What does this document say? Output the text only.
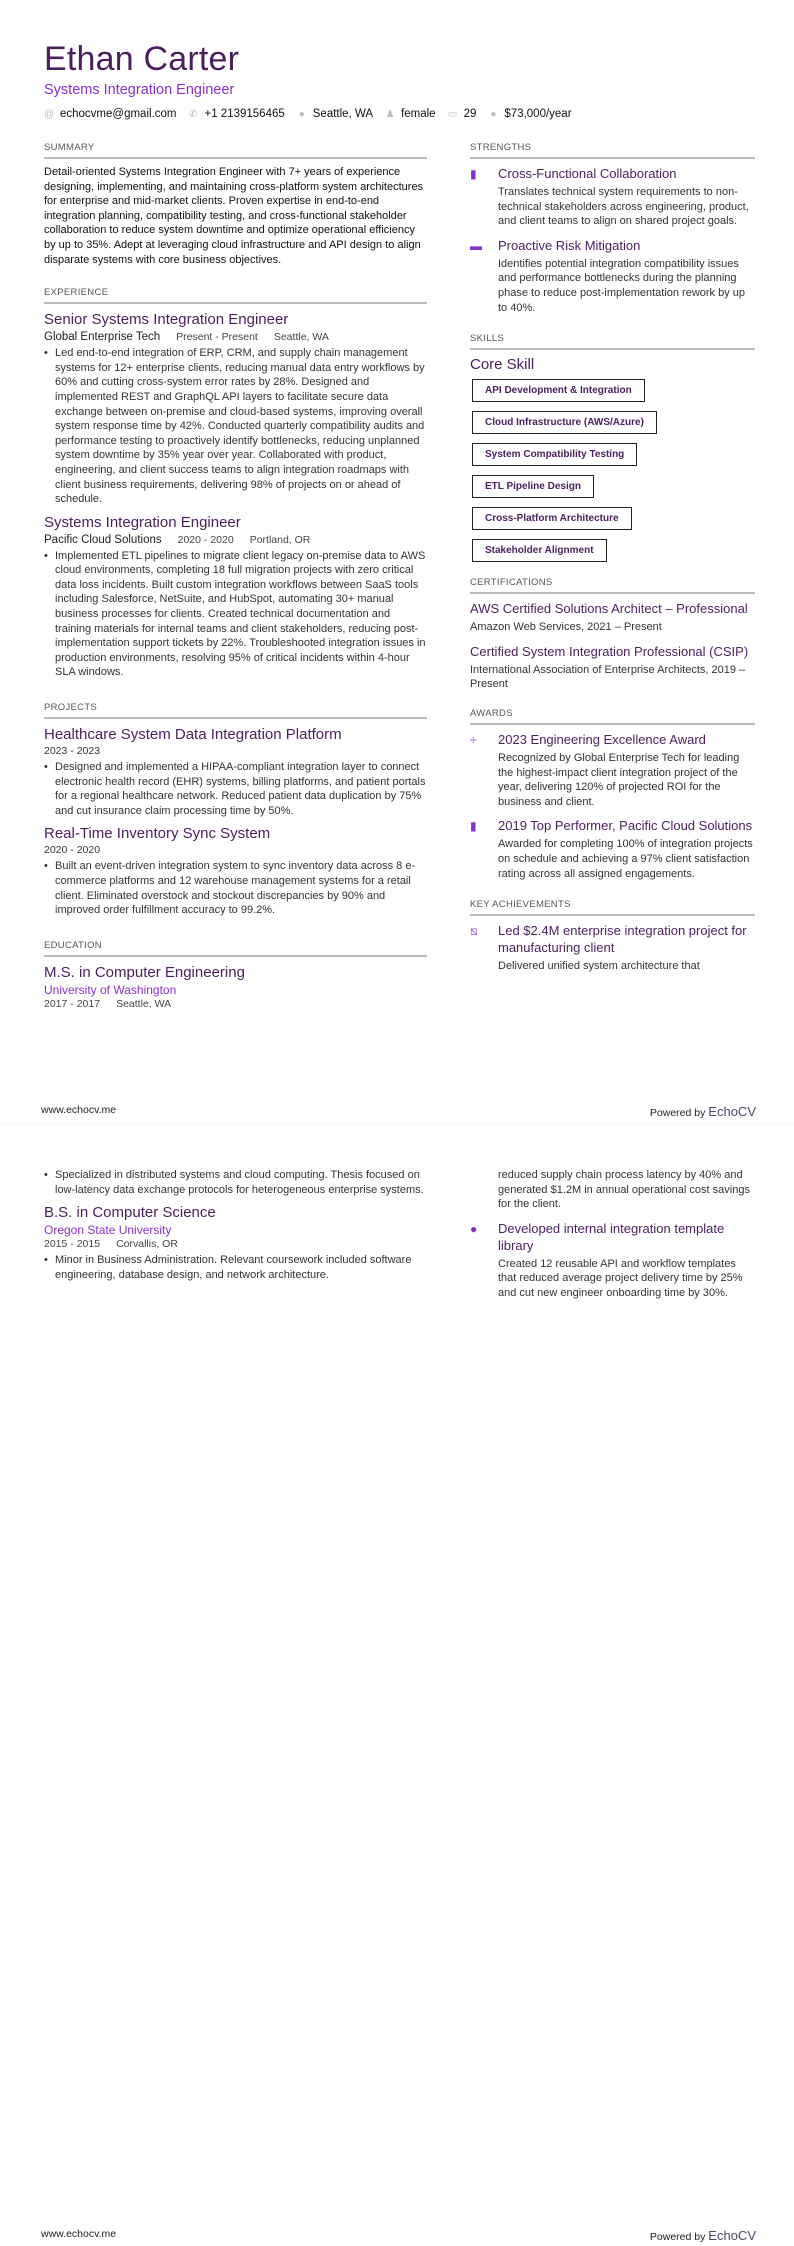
Ethan Carter
Systems Integration Engineer
@ echocvme@gmail.com ✆ +1 2139156465 ● Seattle, WA ♟ female ▭ 29 ● $73,000/year
SUMMARY
Detail-oriented Systems Integration Engineer with 7+ years of experience designing, implementing, and maintaining cross-platform system architectures for enterprise and mid-market clients. Proven expertise in end-to-end integration planning, compatibility testing, and cross-functional stakeholder collaboration to reduce system downtime and optimize operational efficiency by up to 35%. Adept at leveraging cloud infrastructure and API design to align disparate systems with core business objectives.
EXPERIENCE
Senior Systems Integration Engineer
Global Enterprise Tech Present - Present Seattle, WA
• Led end-to-end integration of ERP, CRM, and supply chain management systems for 12+ enterprise clients, reducing manual data entry workflows by 60% and cutting cross-system error rates by 28%. Designed and implemented REST and GraphQL API layers to facilitate secure data exchange between on-premise and cloud-based systems, improving overall system response time by 42%. Conducted quarterly compatibility audits and performance testing to proactively identify bottlenecks, reducing unplanned system downtime by 35% year over year. Collaborated with product, engineering, and client success teams to align integration roadmaps with client business requirements, delivering 98% of projects on or ahead of schedule.
Systems Integration Engineer
Pacific Cloud Solutions 2020 - 2020 Portland, OR
• Implemented ETL pipelines to migrate client legacy on-premise data to AWS cloud environments, completing 18 full migration projects with zero critical data loss incidents. Built custom integration workflows between SaaS tools including Salesforce, NetSuite, and HubSpot, automating 30+ manual business processes for clients. Created technical documentation and training materials for internal teams and client stakeholders, reducing post-implementation support tickets by 22%. Troubleshooted integration issues in production environments, resolving 95% of critical incidents within 4-hour SLA windows.
PROJECTS
Healthcare System Data Integration Platform
2023 - 2023
• Designed and implemented a HIPAA-compliant integration layer to connect electronic health record (EHR) systems, billing platforms, and patient portals for a regional healthcare network. Reduced patient data duplication by 75% and cut insurance claim processing time by 50%.
Real-Time Inventory Sync System
2020 - 2020
• Built an event-driven integration system to sync inventory data across 8 e-commerce platforms and 12 warehouse management systems for a retail client. Eliminated overstock and stockout discrepancies by 90% and improved order fulfillment accuracy to 99.2%.
EDUCATION
M.S. in Computer Engineering
University of Washington
2017 - 2017 Seattle, WA
STRENGTHS
▮	Cross-Functional Collaboration
Translates technical system requirements to non-technical stakeholders across engineering, product, and client teams to align on shared project goals.
▬	Proactive Risk Mitigation
Identifies potential integration compatibility issues and performance bottlenecks during the planning phase to reduce post-implementation rework by up to 40%.
SKILLS
Core Skill
API Development & Integration
Cloud Infrastructure (AWS/Azure)
System Compatibility Testing
ETL Pipeline Design
Cross-Platform Architecture
Stakeholder Alignment
CERTIFICATIONS
AWS Certified Solutions Architect – Professional
Amazon Web Services, 2021 – Present
Certified System Integration Professional (CSIP)
International Association of Enterprise Architects, 2019 – Present
AWARDS
÷	2023 Engineering Excellence Award
Recognized by Global Enterprise Tech for leading the highest-impact client integration project of the year, delivering 120% of projected ROI for the business and client.
▮	2019 Top Performer, Pacific Cloud Solutions
Awarded for completing 100% of integration projects on schedule and achieving a 97% client satisfaction rating across all assigned engagements.
KEY ACHIEVEMENTS
⧅	Led $2.4M enterprise integration project for manufacturing client
Delivered unified system architecture that
www.echocv.me	Powered by EchoCV
• Specialized in distributed systems and cloud computing. Thesis focused on low-latency data exchange protocols for heterogeneous enterprise systems.
B.S. in Computer Science
Oregon State University
2015 - 2015 Corvallis, OR
• Minor in Business Administration. Relevant coursework included software engineering, database design, and network architecture.
reduced supply chain process latency by 40% and generated $1.2M in annual operational cost savings for the client.
●	Developed internal integration template library
Created 12 reusable API and workflow templates that reduced average project delivery time by 25% and cut new engineer onboarding time by 30%.
www.echocv.me	Powered by EchoCV
